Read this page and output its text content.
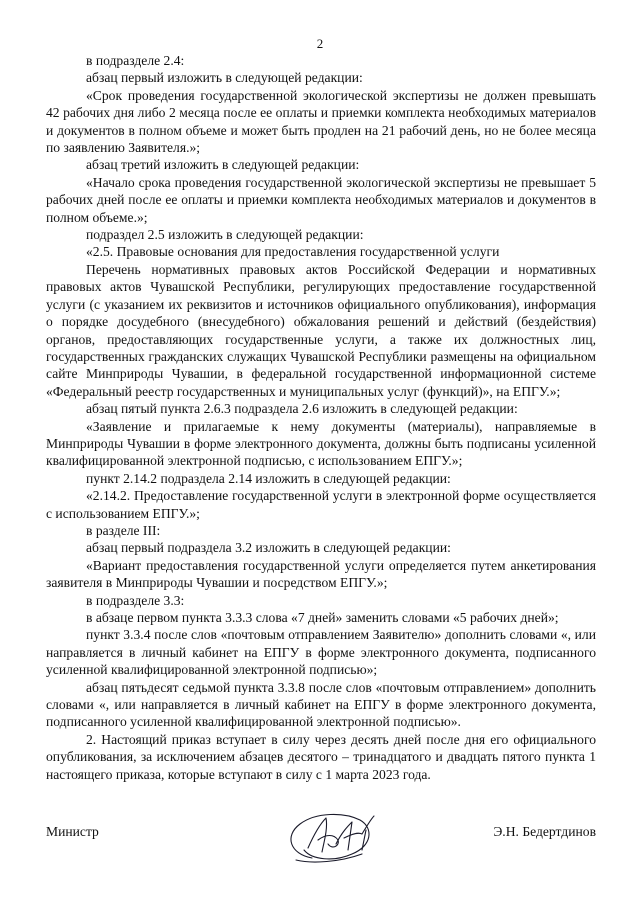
2

в подразделе 2.4:

абзац первый изложить в следующей редакции:

«Срок проведения государственной экологической экспертизы не должен превышать 42 рабочих дня либо 2 месяца после ее оплаты и приемки комплекта необходимых материалов и документов в полном объеме и может быть продлен на 21 рабочий день, но не более месяца по заявлению Заявителя.»;

абзац третий изложить в следующей редакции:

«Начало срока проведения государственной экологической экспертизы не превышает 5 рабочих дней после ее оплаты и приемки комплекта необходимых материалов и документов в полном объеме.»;

подраздел 2.5 изложить в следующей редакции:

«2.5. Правовые основания для предоставления государственной услуги

Перечень нормативных правовых актов Российской Федерации и нормативных правовых актов Чувашской Республики, регулирующих предоставление государственной услуги (с указанием их реквизитов и источников официального опубликования), информация о порядке досудебного (внесудебного) обжалования решений и действий (бездействия) органов, предоставляющих государственные услуги, а также их должностных лиц, государственных гражданских служащих Чувашской Республики размещены на официальном сайте Минприроды Чувашии, в федеральной государственной информационной системе «Федеральный реестр государственных и муниципальных услуг (функций)», на ЕПГУ.»;

абзац пятый пункта 2.6.3 подраздела 2.6 изложить в следующей редакции:

«Заявление и прилагаемые к нему документы (материалы), направляемые в Минприроды Чувашии в форме электронного документа, должны быть подписаны усиленной квалифицированной электронной подписью, с использованием ЕПГУ.»;

пункт 2.14.2 подраздела 2.14 изложить в следующей редакции:

«2.14.2. Предоставление государственной услуги в электронной форме осуществляется с использованием ЕПГУ.»;

в разделе III:

абзац первый подраздела 3.2 изложить в следующей редакции:

«Вариант предоставления государственной услуги определяется путем анкетирования заявителя в Минприроды Чувашии и посредством ЕПГУ.»;

в подразделе 3.3:

в абзаце первом пункта 3.3.3 слова «7 дней» заменить словами «5 рабочих дней»;

пункт 3.3.4 после слов «почтовым отправлением Заявителю» дополнить словами «, или направляется в личный кабинет на ЕПГУ в форме электронного документа, подписанного усиленной квалифицированной электронной подписью»;

абзац пятьдесят седьмой пункта 3.3.8 после слов «почтовым отправлением» дополнить словами «, или направляется в личный кабинет на ЕПГУ в форме электронного документа, подписанного усиленной квалифицированной электронной подписью».

2. Настоящий приказ вступает в силу через десять дней после дня его официального опубликования, за исключением абзацев десятого – тринадцатого и двадцать пятого пункта 1 настоящего приказа, которые вступают в силу с 1 марта 2023 года.

Министр	Э.Н. Бедертдинов
